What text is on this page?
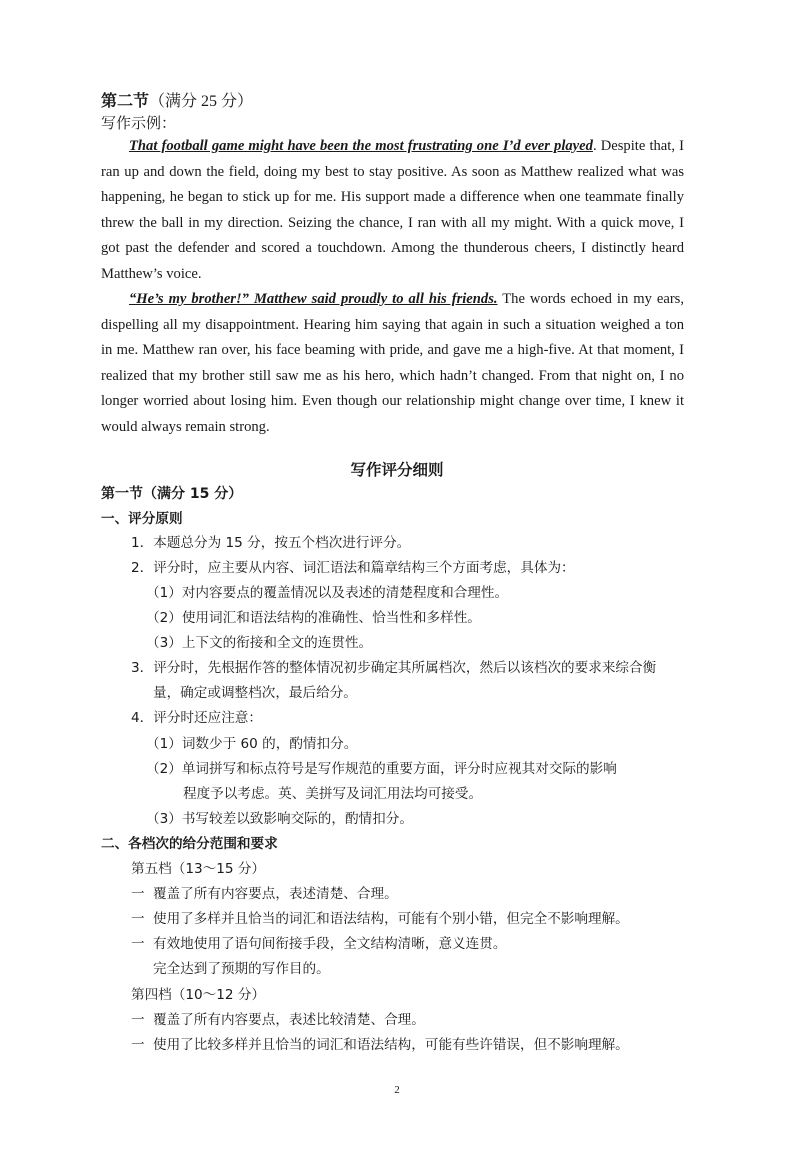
第二节（满分 25 分）
写作示例：

That football game might have been the most frustrating one I’d ever played. Despite that, I ran up and down the field, doing my best to stay positive. As soon as Matthew realized what was happening, he began to stick up for me. His support made a difference when one teammate finally threw the ball in my direction. Seizing the chance, I ran with all my might. With a quick move, I got past the defender and scored a touchdown. Among the thunderous cheers, I distinctly heard Matthew’s voice.

“He’s my brother!” Matthew said proudly to all his friends. The words echoed in my ears, dispelling all my disappointment. Hearing him saying that again in such a situation weighed a ton in me. Matthew ran over, his face beaming with pride, and gave me a high-five. At that moment, I realized that my brother still saw me as his hero, which hadn’t changed. From that night on, I no longer worried about losing him. Even though our relationship might change over time, I knew it would always remain strong.

写作评分细则
第一节（满分 15 分）
一、评分原则
1．本题总分为 15 分，按五个档次进行评分。
2．评分时，应主要从内容、词汇语法和篇章结构三个方面考虑，具体为：
（1）对内容要点的覆盖情况以及表述的清楚程度和合理性。
（2）使用词汇和语法结构的准确性、恰当性和多样性。
（3）上下文的衔接和全文的连贯性。
3．评分时，先根据作答的整体情况初步确定其所属档次，然后以该档次的要求来综合衡
量，确定或调整档次，最后给分。
4．评分时还应注意：
（1）词数少于 60 的，酌情扣分。
（2）单词拼写和标点符号是写作规范的重要方面，评分时应视其对交际的影响
程度予以考虑。英、美拼写及词汇用法均可接受。
（3）书写较差以致影响交际的，酌情扣分。
二、各档次的给分范围和要求
第五档（13～15 分）
一 覆盖了所有内容要点，表述清楚、合理。
一 使用了多样并且恰当的词汇和语法结构，可能有个别小错，但完全不影响理解。
一 有效地使用了语句间衔接手段，全文结构清晰，意义连贯。
完全达到了预期的写作目的。
第四档（10～12 分）
一 覆盖了所有内容要点，表述比较清楚、合理。
一 使用了比较多样并且恰当的词汇和语法结构，可能有些许错误，但不影响理解。
2
